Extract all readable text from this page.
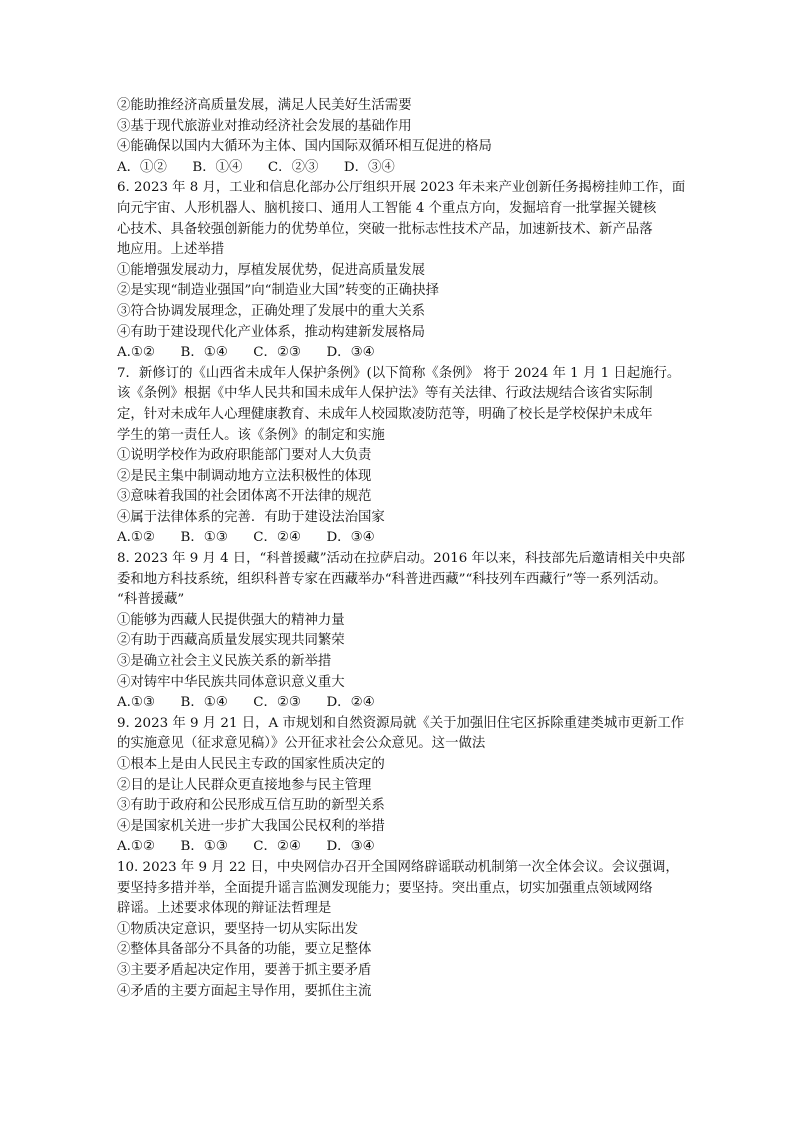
②能助推经济高质量发展，满足人民美好生活需要
③基于现代旅游业对推动经济社会发展的基础作用
④能确保以国内大循环为主体、国内国际双循环相互促进的格局
A．①②      B．①④      C．②③      D．③④
6. 2023 年 8 月，工业和信息化部办公厅组织开展 2023 年未来产业创新任务揭榜挂帅工作，面
向元宇宙、人形机器人、脑机接口、通用人工智能 4 个重点方向，发掘培育一批掌握关键核
心技术、具备较强创新能力的优势单位，突破一批标志性技术产品，加速新技术、新产品落
地应用。上述举措
①能增强发展动力，厚植发展优势，促进高质量发展
②是实现“制造业强国”向“制造业大国”转变的正确抉择
③符合协调发展理念，正确处理了发展中的重大关系
④有助于建设现代化产业体系，推动构建新发展格局
A.①②      B．①④      C．②③      D．③④
7．新修订的《山西省未成年人保护条例》(以下简称《条例》 将于 2024 年 1 月 1 日起施行。
该《条例》根据《中华人民共和国未成年人保护法》等有关法律、行政法规结合该省实际制
定，针对未成年人心理健康教育、未成年人校园欺凌防范等，明确了校长是学校保护未成年
学生的第一责任人。该《条例》的制定和实施
①说明学校作为政府职能部门要对人大负责
②是民主集中制调动地方立法积极性的体现
③意味着我国的社会团体离不开法律的规范
④属于法律体系的完善．有助于建设法治国家
A.①②      B．①③      C．②④      D．③④
8. 2023 年 9 月 4 日，“科普援藏”活动在拉萨启动。2016 年以来，科技部先后邀请相关中央部
委和地方科技系统，组织科普专家在西藏举办“科普进西藏”“科技列车西藏行”等一系列活动。
“科普援藏”
①能够为西藏人民提供强大的精神力量
②有助于西藏高质量发展实现共同繁荣
③是确立社会主义民族关系的新举措
④对铸牢中华民族共同体意识意义重大
A.①③      B．①④      C．②③      D．②④
9. 2023 年 9 月 21 日，A 市规划和自然资源局就《关于加强旧住宅区拆除重建类城市更新工作
的实施意见（征求意见稿）》公开征求社会公众意见。这一做法
①根本上是由人民民主专政的国家性质决定的
②目的是让人民群众更直接地参与民主管理
③有助于政府和公民形成互信互助的新型关系
④是国家机关进一步扩大我国公民权利的举措
A.①②      B．①③      C．②④      D．③④
10. 2023 年 9 月 22 日，中央网信办召开全国网络辟谣联动机制第一次全体会议。会议强调，
要坚持多措并举，全面提升谣言监测发现能力；要坚持。突出重点，切实加强重点领域网络
辟谣。上述要求体现的辩证法哲理是
①物质决定意识，要坚持一切从实际出发
②整体具备部分不具备的功能，要立足整体
③主要矛盾起决定作用，要善于抓主要矛盾
④矛盾的主要方面起主导作用，要抓住主流
